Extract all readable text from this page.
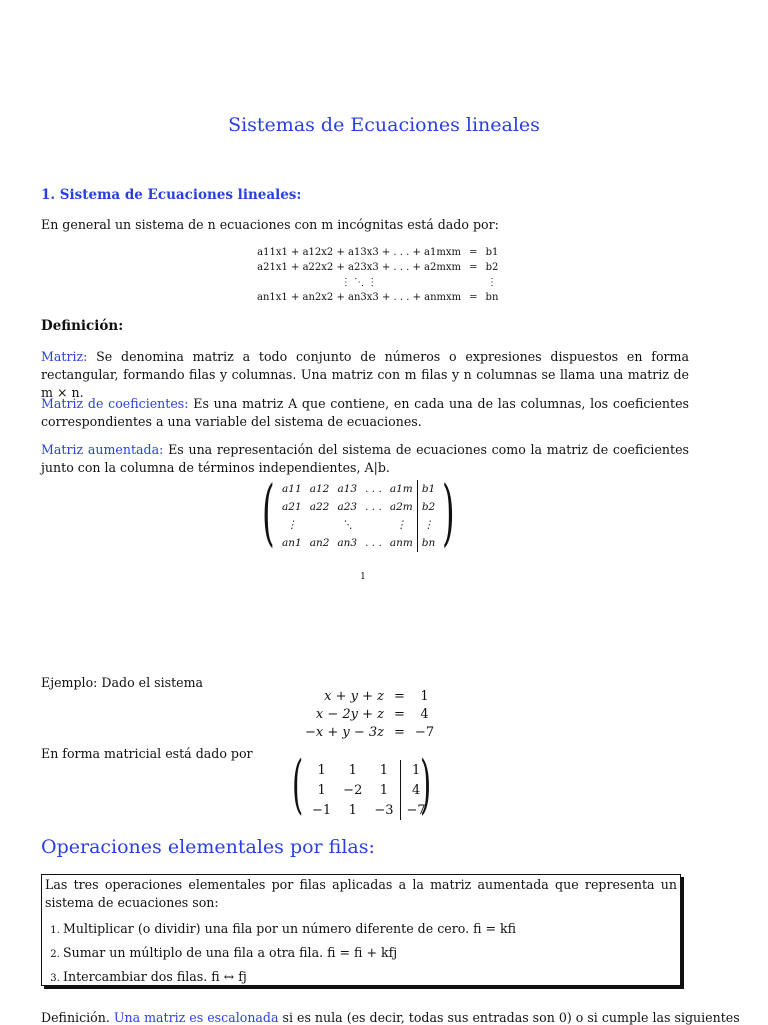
Sistemas de Ecuaciones lineales
1. Sistema de Ecuaciones lineales:
En general un sistema de n ecuaciones con m incógnitas está dado por:
a11x1 + a12x2 + a13x3 + . . . + a1mxm	=	b1
a21x1 + a22x2 + a23x3 + . . . + a2mxm	=	b2
⋮ ⋱ ⋮		⋮
an1x1 + an2x2 + an3x3 + . . . + anmxm	=	bn
Definición:
Matriz: Se denomina matriz a todo conjunto de números o expresiones dispuestos en forma rectangular, formando filas y columnas. Una matriz con m filas y n columnas se llama una matriz de m × n.
Matriz de coeficientes: Es una matriz A que contiene, en cada una de las columnas, los coeficientes correspondientes a una variable del sistema de ecuaciones.
Matriz aumentada: Es una representación del sistema de ecuaciones como la matriz de coeficientes junto con la columna de términos independientes, A|b.
( a11	a12	a13	. . .	a1m	b1
a21	a22	a23	. . .	a2m	b2
⋮		⋱		⋮	⋮
an1	an2	an3	. . .	anm	bn )
1
Ejemplo: Dado el sistema
x + y + z	=	1
x − 2y + z	=	4
−x + y − 3z	=	−7
En forma matricial está dado por ( 1	1	1	1
1	−2	1	4
−1	1	−3	−7
)
Operaciones elementales por filas:
Las tres operaciones elementales por filas aplicadas a la matriz aumentada que representa un sistema de ecuaciones son:
1. Multiplicar (o dividir) una fila por un número diferente de cero. fi = kfi
2. Sumar un múltiplo de una fila a otra fila. fi = fi + kfj
3. Intercambiar dos filas. fi ↔ fj
Definición. Una matriz es escalonada si es nula (es decir, todas sus entradas son 0) o si cumple las siguientes
